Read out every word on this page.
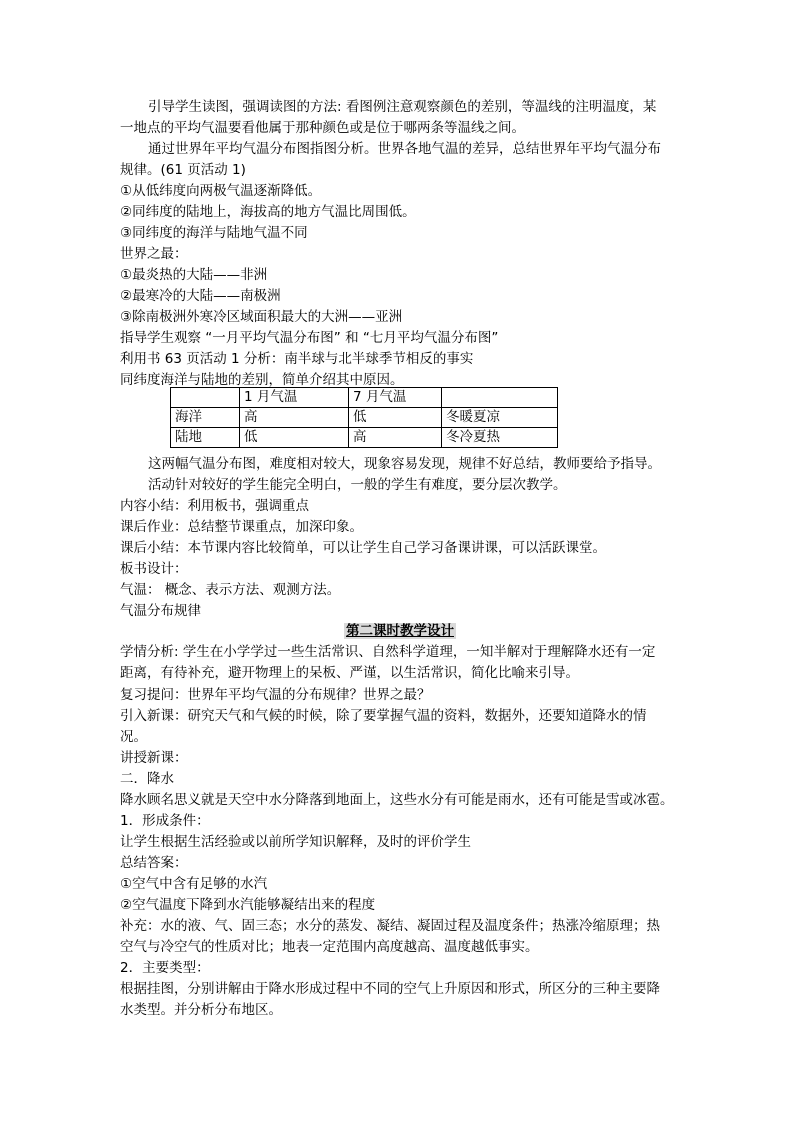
引导学生读图，强调读图的方法: 看图例注意观察颜色的差别，等温线的注明温度，某
一地点的平均气温要看他属于那种颜色或是位于哪两条等温线之间。
通过世界年平均气温分布图指图分析。世界各地气温的差异，总结世界年平均气温分布
规律。(61 页活动 1)
①从低纬度向两极气温逐渐降低。
②同纬度的陆地上，海拔高的地方气温比周围低。
③同纬度的海洋与陆地气温不同
世界之最：
①最炎热的大陆——非洲
②最寒冷的大陆——南极洲
③除南极洲外寒冷区域面积最大的大洲——亚洲
指导学生观察 “一月平均气温分布图” 和 “七月平均气温分布图”
利用书 63 页活动 1 分析：南半球与北半球季节相反的事实
同纬度海洋与陆地的差别，简单介绍其中原因。
	1 月气温	7 月气温	
海洋	高	低	冬暖夏凉
陆地	低	高	冬冷夏热
这两幅气温分布图，难度相对较大，现象容易发现，规律不好总结，教师要给予指导。
活动针对较好的学生能完全明白，一般的学生有难度，要分层次教学。
内容小结：利用板书，强调重点
课后作业：总结整节课重点，加深印象。
课后小结：本节课内容比较简单，可以让学生自己学习备课讲课，可以活跃课堂。
板书设计：
气温： 概念、表示方法、观测方法。
气温分布规律
第二课时教学设计
学情分析: 学生在小学学过一些生活常识、自然科学道理，一知半解对于理解降水还有一定
距离，有待补充，避开物理上的呆板、严谨，以生活常识，简化比喻来引导。
复习提问：世界年平均气温的分布规律？世界之最？
引入新课：研究天气和气候的时候，除了要掌握气温的资料，数据外，还要知道降水的情
况。
讲授新课：
二．降水
降水顾名思义就是天空中水分降落到地面上，这些水分有可能是雨水，还有可能是雪或冰雹。
1．形成条件：
让学生根据生活经验或以前所学知识解释，及时的评价学生
总结答案：
①空气中含有足够的水汽
②空气温度下降到水汽能够凝结出来的程度
补充：水的液、气、固三态；水分的蒸发、凝结、凝固过程及温度条件；热涨冷缩原理；热
空气与冷空气的性质对比；地表一定范围内高度越高、温度越低事实。
2．主要类型：
根据挂图，分别讲解由于降水形成过程中不同的空气上升原因和形式，所区分的三种主要降
水类型。并分析分布地区。
